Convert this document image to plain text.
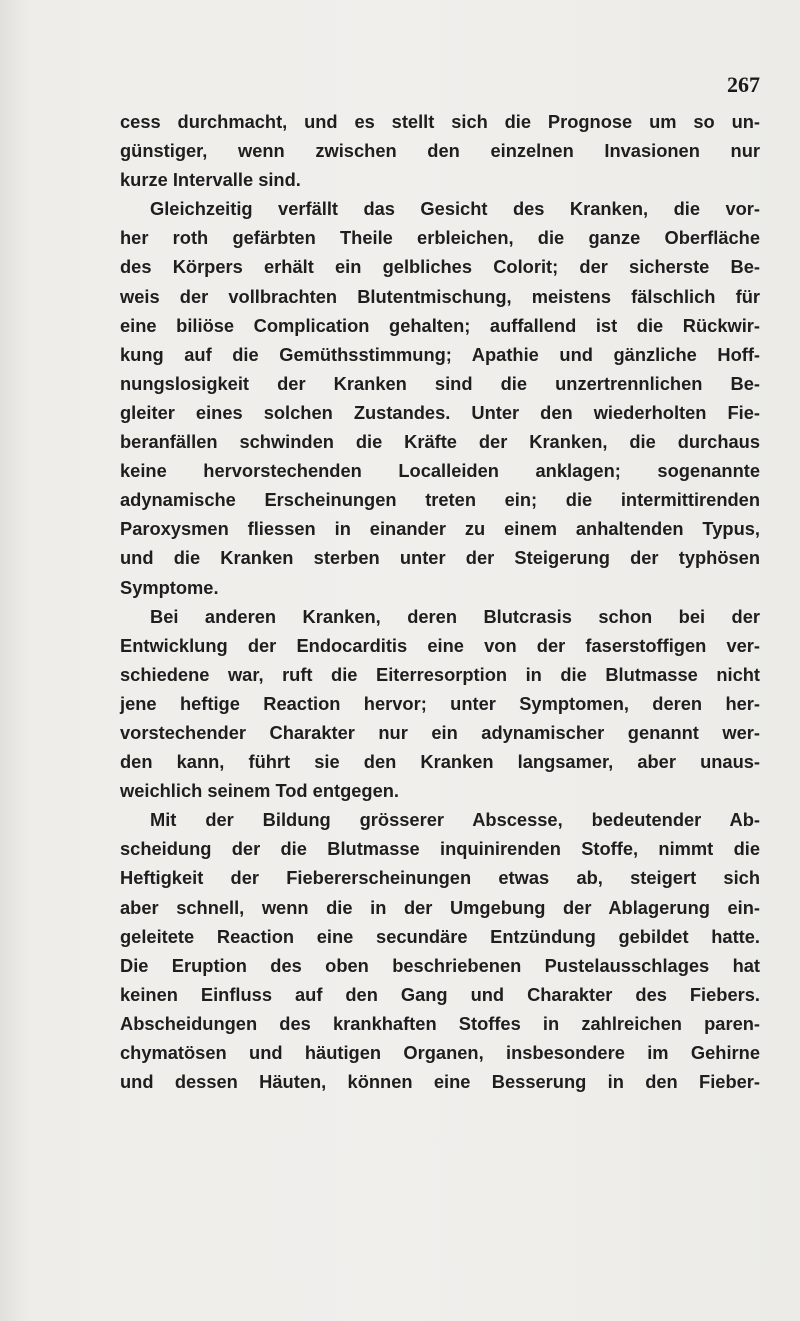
267
cess durchmacht, und es stellt sich die Prognose um so un-
günstiger, wenn zwischen den einzelnen Invasionen nur
kurze Intervalle sind.
Gleichzeitig verfällt das Gesicht des Kranken, die vor-
her roth gefärbten Theile erbleichen, die ganze Oberfläche
des Körpers erhält ein gelbliches Colorit; der sicherste Be-
weis der vollbrachten Blutentmischung, meistens fälschlich für
eine biliöse Complication gehalten; auffallend ist die Rückwir-
kung auf die Gemüthsstimmung; Apathie und gänzliche Hoff-
nungslosigkeit der Kranken sind die unzertrennlichen Be-
gleiter eines solchen Zustandes. Unter den wiederholten Fie-
beranfällen schwinden die Kräfte der Kranken, die durchaus
keine hervorstechenden Localleiden anklagen; sogenannte
adynamische Erscheinungen treten ein; die intermittirenden
Paroxysmen fliessen in einander zu einem anhaltenden Typus,
und die Kranken sterben unter der Steigerung der typhösen
Symptome.
Bei anderen Kranken, deren Blutcrasis schon bei der
Entwicklung der Endocarditis eine von der faserstoffigen ver-
schiedene war, ruft die Eiterresorption in die Blutmasse nicht
jene heftige Reaction hervor; unter Symptomen, deren her-
vorstechender Charakter nur ein adynamischer genannt wer-
den kann, führt sie den Kranken langsamer, aber unaus-
weichlich seinem Tod entgegen.
Mit der Bildung grösserer Abscesse, bedeutender Ab-
scheidung der die Blutmasse inquinirenden Stoffe, nimmt die
Heftigkeit der Fiebererscheinungen etwas ab, steigert sich
aber schnell, wenn die in der Umgebung der Ablagerung ein-
geleitete Reaction eine secundäre Entzündung gebildet hatte.
Die Eruption des oben beschriebenen Pustelausschlages hat
keinen Einfluss auf den Gang und Charakter des Fiebers.
Abscheidungen des krankhaften Stoffes in zahlreichen paren-
chymatösen und häutigen Organen, insbesondere im Gehirne
und dessen Häuten, können eine Besserung in den Fieber-
